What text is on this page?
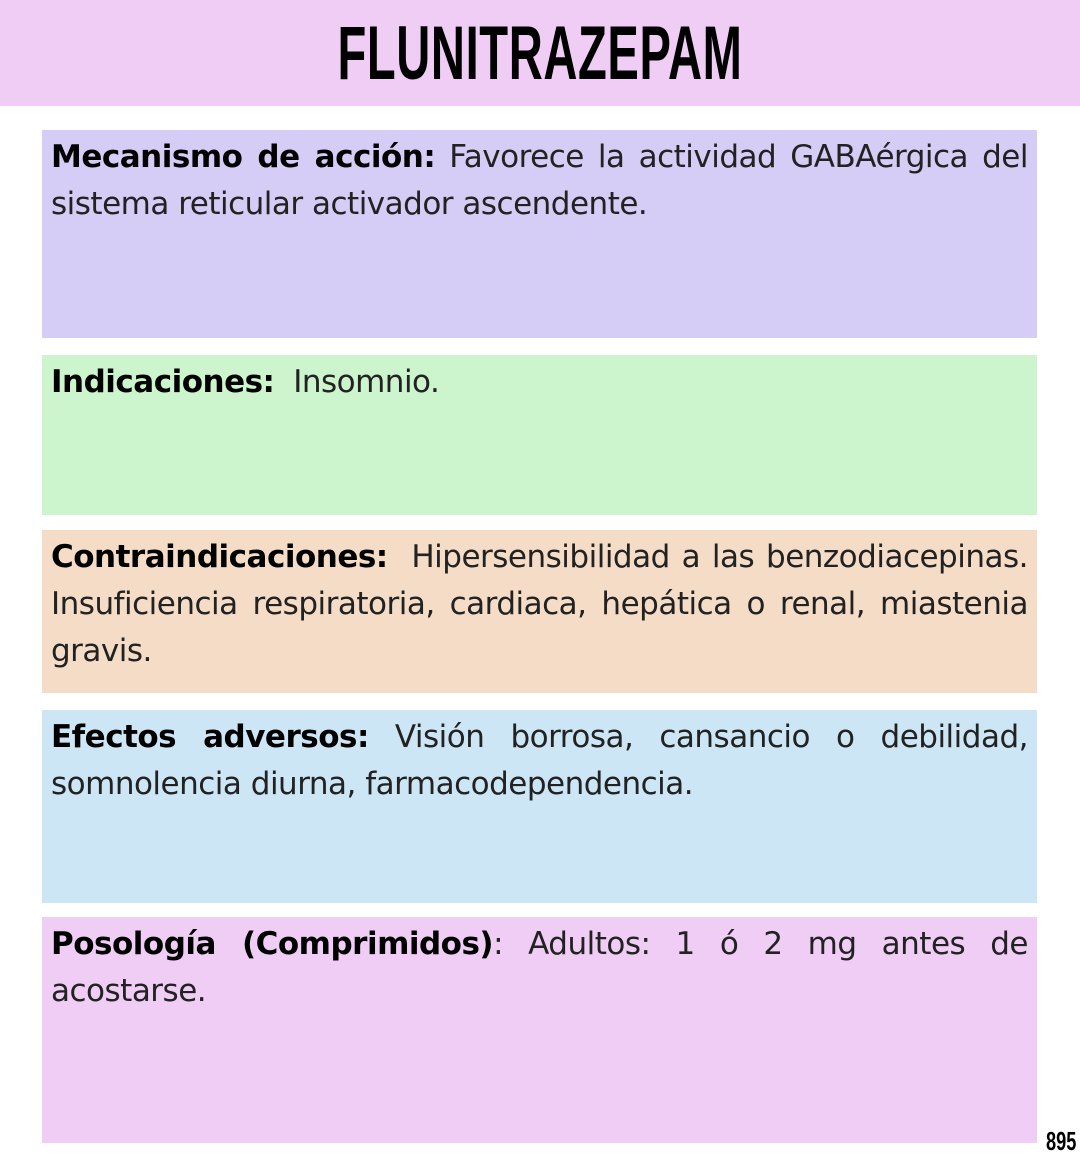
FLUNITRAZEPAM
Mecanismo de acción: Favorece la actividad GABAérgica del sistema reticular activador ascendente.
Indicaciones: Insomnio.
Contraindicaciones: Hipersensibilidad a las benzodiacepinas. Insuficiencia respiratoria, cardiaca, hepática o renal, miastenia gravis.
Efectos adversos: Visión borrosa, cansancio o debilidad, somnolencia diurna, farmacodependencia.
Posología (Comprimidos): Adultos: 1 ó 2 mg antes de acostarse.
895
